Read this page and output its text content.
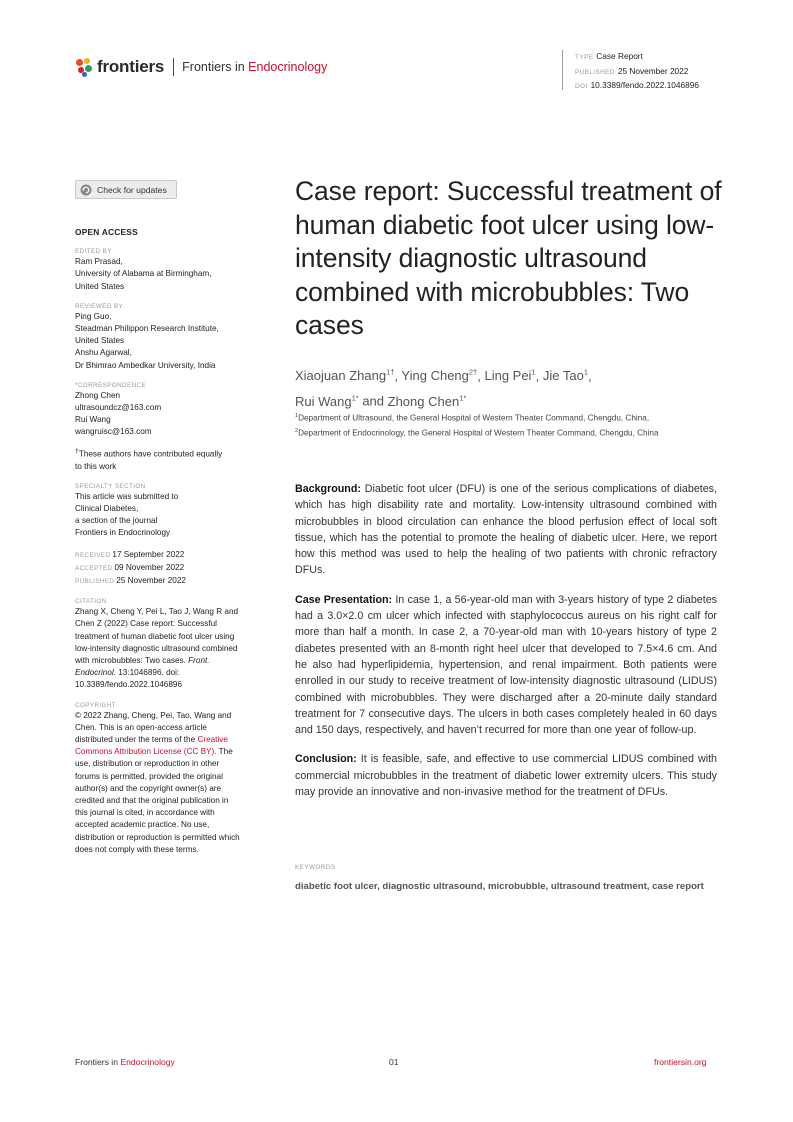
frontiers Frontiers in Endocrinology
TYPE Case Report
PUBLISHED 25 November 2022
DOI 10.3389/fendo.2022.1046896
Check for updates

OPEN ACCESS

EDITED BY

Ram Prasad,

University of Alabama at Birmingham,

United States

REVIEWED BY

Ping Guo,

Steadman Philippon Research Institute,

United States

Anshu Agarwal,

Dr Bhimrao Ambedkar University, India

*CORRESPONDENCE

Zhong Chen

ultrasoundcz@163.com

Rui Wang

wangruisc@163.com

†These authors have contributed equally to this work

SPECIALTY SECTION

This article was submitted to

Clinical Diabetes,

a section of the journal

Frontiers in Endocrinology

RECEIVED 17 September 2022

ACCEPTED 09 November 2022

PUBLISHED 25 November 2022

CITATION

Zhang X, Cheng Y, Pei L, Tao J, Wang R and Chen Z (2022) Case report: Successful treatment of human diabetic foot ulcer using low-intensity diagnostic ultrasound combined with microbubbles: Two cases. Front. Endocrinol. 13:1046896. doi: 10.3389/fendo.2022.1046896

COPYRIGHT

© 2022 Zhang, Cheng, Pei, Tao, Wang and Chen. This is an open-access article distributed under the terms of the Creative Commons Attribution License (CC BY). The use, distribution or reproduction in other forums is permitted, provided the original author(s) and the copyright owner(s) are credited and that the original publication in this journal is cited, in accordance with accepted academic practice. No use, distribution or reproduction is permitted which does not comply with these terms.

Case report: Successful treatment of human diabetic foot ulcer using low-intensity diagnostic ultrasound combined with microbubbles: Two cases
Xiaojuan Zhang$^{1\dagger}$, Ying Cheng$^{2\dagger}$, Ling Pei$^1$, Jie Tao$^1$,
Rui Wang$^{1*}$ and Zhong Chen$^{1*}$
$^1$Department of Ultrasound, the General Hospital of Western Theater Command, Chengdu, China,
$^2$Department of Endocrinology, the General Hospital of Western Theater Command, Chengdu, China

Background: Diabetic foot ulcer (DFU) is one of the serious complications of diabetes, which has high disability rate and mortality. Low-intensity ultrasound combined with microbubbles in blood circulation can enhance the blood perfusion effect of local soft tissue, which has the potential to promote the healing of diabetic ulcer. Here, we report how this method was used to help the healing of two patients with chronic refractory DFUs.

Case Presentation: In case 1, a 56-year-old man with 3-years history of type 2 diabetes had a 3.0×2.0 cm ulcer which infected with staphylococcus aureus on his right calf for more than half a month. In case 2, a 70-year-old man with 10-years history of type 2 diabetes presented with an 8-month right heel ulcer that developed to 7.5×4.6 cm. And he also had hyperlipidemia, hypertension, and renal impairment. Both patients were enrolled in our study to receive treatment of low-intensity diagnostic ultrasound (LIDUS) combined with microbubbles. They were discharged after a 20-minute daily standard treatment for 7 consecutive days. The ulcers in both cases completely healed in 60 days and 150 days, respectively, and haven’t recurred for more than one year of follow-up.

Conclusion: It is feasible, safe, and effective to use commercial LIDUS combined with commercial microbubbles in the treatment of diabetic lower extremity ulcers. This study may provide an innovative and non-invasive method for the treatment of DFUs.

KEYWORDS
diabetic foot ulcer, diagnostic ultrasound, microbubble, ultrasound treatment, case report
Frontiers in Endocrinology	01	frontiersin.org
